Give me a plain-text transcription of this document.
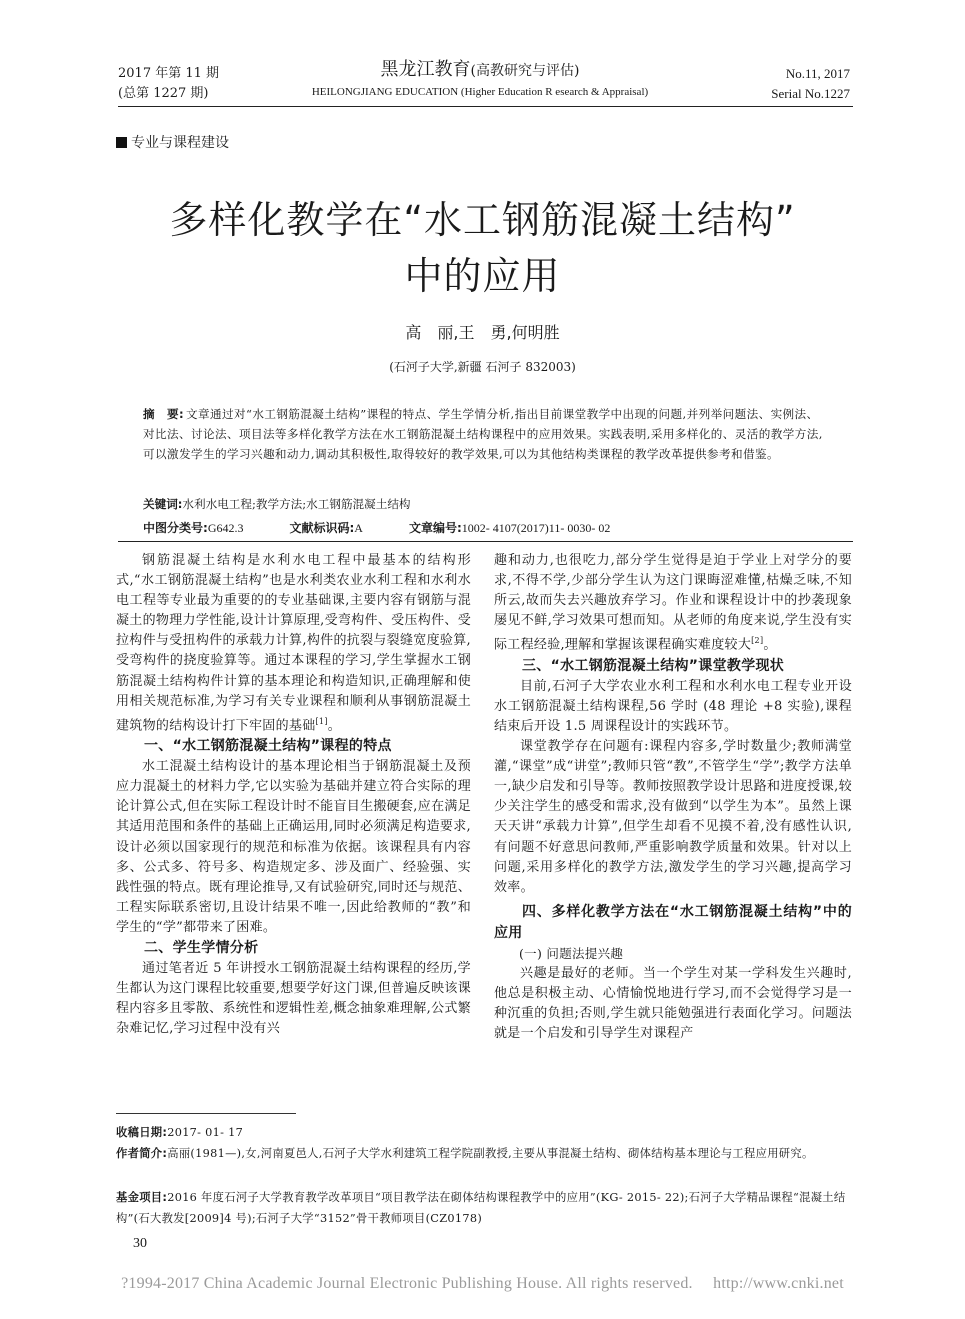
2017 年第 11 期
(总第 1227 期)
黑龙江教育(高教研究与评估)
HEILONGJIANG EDUCATION (Higher Education R esearch & Appraisal)
No.11, 2017
Serial No.1227
专业与课程建设
多样化教学在“水工钢筋混凝土结构”
中的应用
高　丽,王　勇,何明胜
(石河子大学,新疆 石河子 832003)
摘　要: 文章通过对“水工钢筋混凝土结构”课程的特点、学生学情分析,指出目前课堂教学中出现的问题,并列举问题法、实例法、对比法、讨论法、项目法等多样化教学方法在水工钢筋混凝土结构课程中的应用效果。实践表明,采用多样化的、灵活的教学方法,可以激发学生的学习兴趣和动力,调动其积极性,取得较好的教学效果,可以为其他结构类课程的教学改革提供参考和借鉴。
关键词:水利水电工程;教学方法;水工钢筋混凝土结构
中图分类号:G642.3	文献标识码:A	文章编号:1002- 4107(2017)11- 0030- 02

钢筋混凝土结构是水利水电工程中最基本的结构形式,“水工钢筋混凝土结构”也是水利类农业水利工程和水利水电工程等专业最为重要的的专业基础课,主要内容有钢筋与混凝土的物理力学性能,设计计算原理,受弯构件、受压构件、受拉构件与受扭构件的承载力计算,构件的抗裂与裂缝宽度验算,受弯构件的挠度验算等。通过本课程的学习,学生掌握水工钢筋混凝土结构构件计算的基本理论和构造知识,正确理解和使用相关规范标准,为学习有关专业课程和顺利从事钢筋混凝土建筑物的结构设计打下牢固的基础[1]。

一、“水工钢筋混凝土结构”课程的特点

水工混凝土结构设计的基本理论相当于钢筋混凝土及预应力混凝土的材料力学,它以实验为基础并建立符合实际的理论计算公式,但在实际工程设计时不能盲目生搬硬套,应在满足其适用范围和条件的基础上正确运用,同时必须满足构造要求,设计必须以国家现行的规范和标准为依据。该课程具有内容多、公式多、符号多、构造规定多、涉及面广、经验强、实践性强的特点。既有理论推导,又有试验研究,同时还与规范、工程实际联系密切,且设计结果不唯一,因此给教师的“教”和学生的“学”都带来了困难。

二、学生学情分析

通过笔者近 5 年讲授水工钢筋混凝土结构课程的经历,学生都认为这门课程比较重要,想要学好这门课,但普遍反映该课程内容多且零散、系统性和逻辑性差,概念抽象难理解,公式繁杂难记忆,学习过程中没有兴

趣和动力,也很吃力,部分学生觉得是迫于学业上对学分的要求,不得不学,少部分学生认为这门课晦涩难懂,枯燥乏味,不知所云,故而失去兴趣放弃学习。作业和课程设计中的抄袭现象屡见不鲜,学习效果可想而知。从老师的角度来说,学生没有实际工程经验,理解和掌握该课程确实难度较大[2]。

三、“水工钢筋混凝土结构”课堂教学现状

目前,石河子大学农业水利工程和水利水电工程专业开设水工钢筋混凝土结构课程,56 学时 (48 理论 +8 实验),课程结束后开设 1.5 周课程设计的实践环节。

课堂教学存在问题有:课程内容多,学时数量少;教师满堂灌,“课堂”成“讲堂”;教师只管“教”,不管学生“学”;教学方法单一,缺少启发和引导等。教师按照教学设计思路和进度授课,较少关注学生的感受和需求,没有做到“以学生为本”。虽然上课天天讲“承载力计算”,但学生却看不见摸不着,没有感性认识,有问题不好意思问教师,严重影响教学质量和效果。针对以上问题,采用多样化的教学方法,激发学生的学习兴趣,提高学习效率。

四、多样化教学方法在“水工钢筋混凝土结构”中的应用
(一) 问题法提兴趣

兴趣是最好的老师。当一个学生对某一学科发生兴趣时,他总是积极主动、心情愉悦地进行学习,而不会觉得学习是一种沉重的负担;否则,学生就只能勉强进行表面化学习。问题法就是一个启发和引导学生对课程产

收稿日期:2017- 01- 17
作者简介:高丽(1981—),女,河南夏邑人,石河子大学水利建筑工程学院副教授,主要从事混凝土结构、砌体结构基本理论与工程应用研究。
基金项目:2016 年度石河子大学教育教学改革项目“项目教学法在砌体结构课程教学中的应用”(KG- 2015- 22);石河子大学精品课程“混凝土结构”(石大教发[2009]4 号);石河子大学“3152”骨干教师项目(CZ0178)
30
?1994-2017 China Academic Journal Electronic Publishing House. All rights reserved.　 http://www.cnki.net
